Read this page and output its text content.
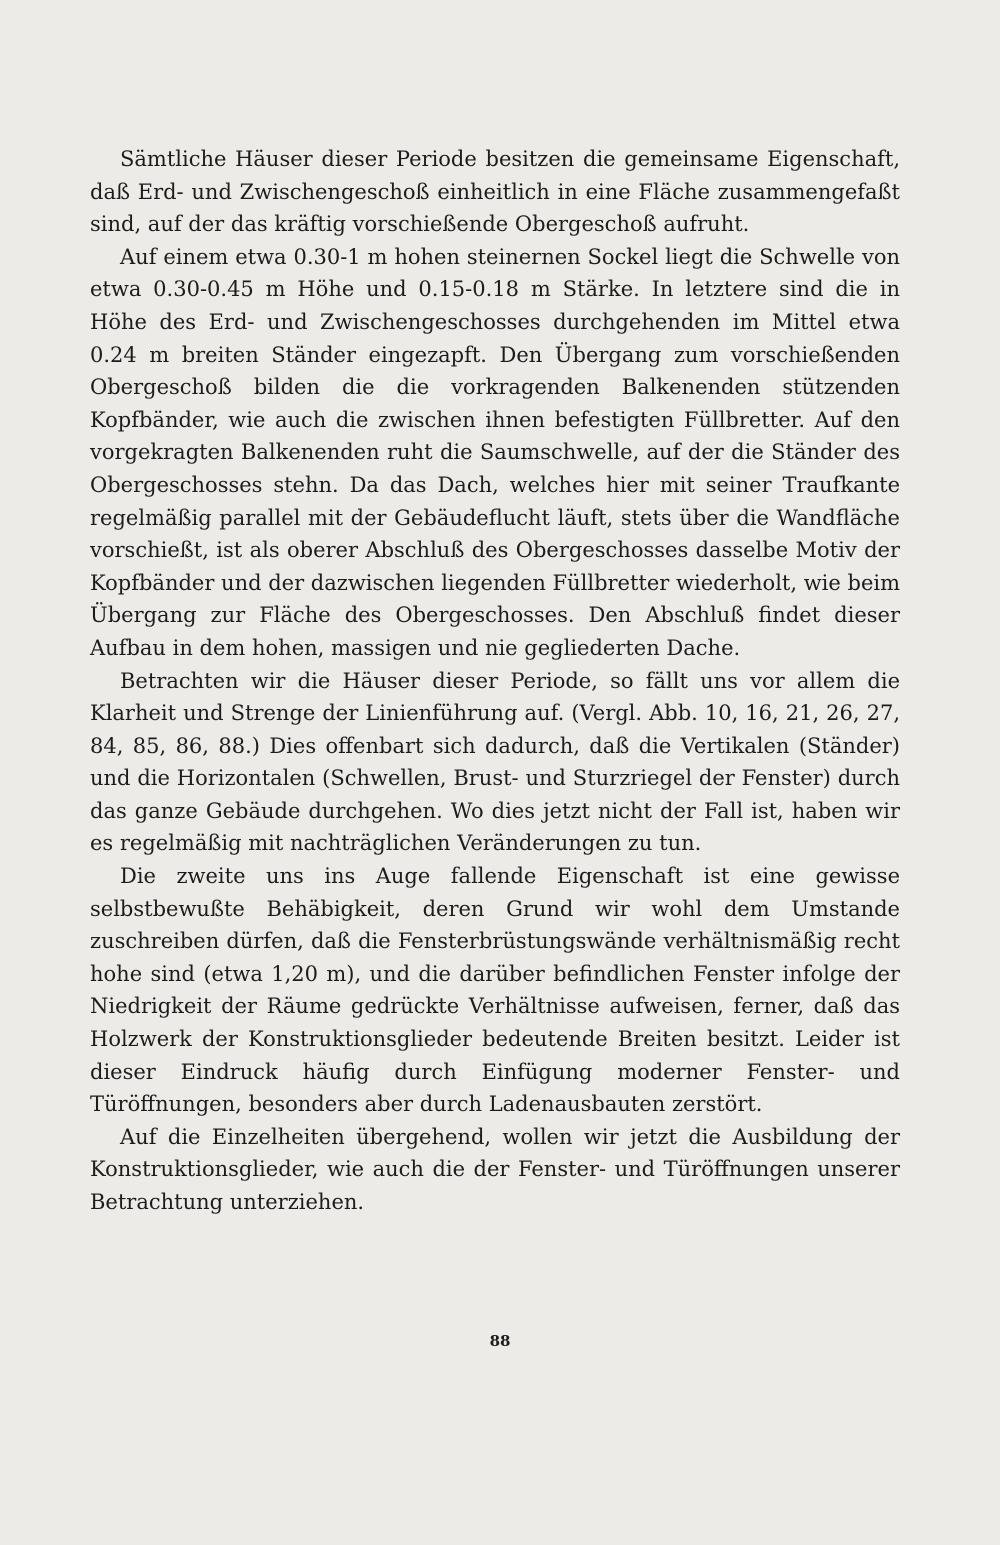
Sämtliche Häuser dieser Periode besitzen die gemeinsame Eigenschaft, daß Erd- und Zwischengeschoß einheitlich in eine Fläche zusammengefaßt sind, auf der das kräftig vorschießende Obergeschoß aufruht.

Auf einem etwa 0.30-1 m hohen steinernen Sockel liegt die Schwelle von etwa 0.30-0.45 m Höhe und 0.15-0.18 m Stärke. In letztere sind die in Höhe des Erd- und Zwischengeschosses durchgehenden im Mittel etwa 0.24 m breiten Ständer eingezapft. Den Übergang zum vorschießenden Obergeschoß bilden die die vorkragenden Balkenenden stützenden Kopfbänder, wie auch die zwischen ihnen befestigten Füllbretter. Auf den vorgekragten Balkenenden ruht die Saumschwelle, auf der die Ständer des Obergeschosses stehn. Da das Dach, welches hier mit seiner Traufkante regelmäßig parallel mit der Gebäudeflucht läuft, stets über die Wandfläche vorschießt, ist als oberer Abschluß des Obergeschosses dasselbe Motiv der Kopfbänder und der dazwischen liegenden Füllbretter wiederholt, wie beim Übergang zur Fläche des Obergeschosses. Den Abschluß findet dieser Aufbau in dem hohen, massigen und nie gegliederten Dache.

Betrachten wir die Häuser dieser Periode, so fällt uns vor allem die Klarheit und Strenge der Linienführung auf. (Vergl. Abb. 10, 16, 21, 26, 27, 84, 85, 86, 88.) Dies offenbart sich dadurch, daß die Vertikalen (Ständer) und die Horizontalen (Schwellen, Brust- und Sturzriegel der Fenster) durch das ganze Gebäude durchgehen. Wo dies jetzt nicht der Fall ist, haben wir es regelmäßig mit nachträglichen Veränderungen zu tun.

Die zweite uns ins Auge fallende Eigenschaft ist eine gewisse selbstbewußte Behäbigkeit, deren Grund wir wohl dem Umstande zuschreiben dürfen, daß die Fensterbrüstungswände verhältnismäßig recht hohe sind (etwa 1,20 m), und die darüber befindlichen Fenster infolge der Niedrigkeit der Räume gedrückte Verhältnisse aufweisen, ferner, daß das Holzwerk der Konstruktionsglieder bedeutende Breiten besitzt. Leider ist dieser Eindruck häufig durch Einfügung moderner Fenster- und Türöffnungen, besonders aber durch Ladenausbauten zerstört.

Auf die Einzelheiten übergehend, wollen wir jetzt die Ausbildung der Konstruktionsglieder, wie auch die der Fenster- und Türöffnungen unserer Betrachtung unterziehen.

88
